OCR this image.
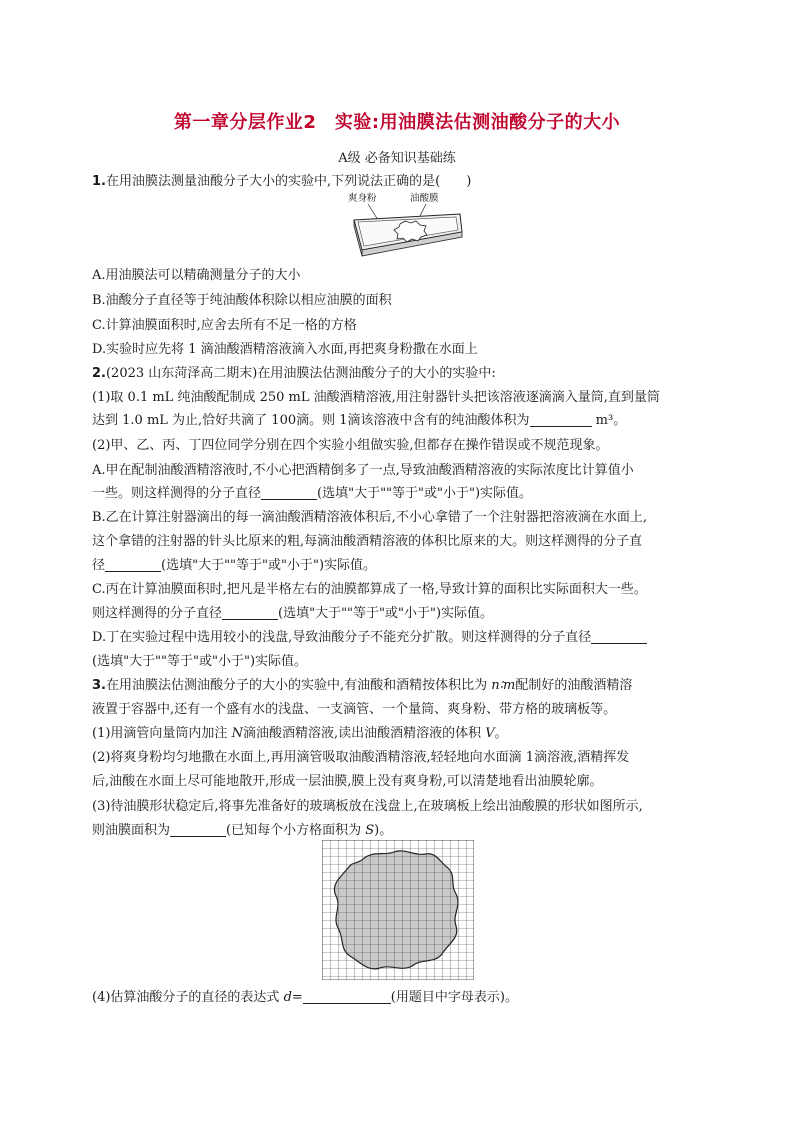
第一章分层作业2　实验:用油膜法估测油酸分子的大小
A级 必备知识基础练
1.在用油膜法测量油酸分子大小的实验中,下列说法正确的是(　　)
爽身粉	油酸膜
A.用油膜法可以精确测量分子的大小
B.油酸分子直径等于纯油酸体积除以相应油膜的面积
C.计算油膜面积时,应舍去所有不足一格的方格
D.实验时应先将 1 滴油酸酒精溶液滴入水面,再把爽身粉撒在水面上
2.(2023 山东菏泽高二期末)在用油膜法估测油酸分子的大小的实验中:
(1)取 0.1 mL 纯油酸配制成 250 mL 油酸酒精溶液,用注射器针头把该溶液逐滴滴入量筒,直到量筒
达到 1.0 mL 为止,恰好共滴了 100滴。则 1滴该溶液中含有的纯油酸体积为	m³。
(2)甲、乙、丙、丁四位同学分别在四个实验小组做实验,但都存在操作错误或不规范现象。
A.甲在配制油酸酒精溶液时,不小心把酒精倒多了一点,导致油酸酒精溶液的实际浓度比计算值小
一些。则这样测得的分子直径	(选填"大于""等于"或"小于")实际值。
B.乙在计算注射器滴出的每一滴油酸酒精溶液体积后,不小心拿错了一个注射器把溶液滴在水面上,
这个拿错的注射器的针头比原来的粗,每滴油酸酒精溶液的体积比原来的大。则这样测得的分子直
径	(选填"大于""等于"或"小于")实际值。
C.丙在计算油膜面积时,把凡是半格左右的油膜都算成了一格,导致计算的面积比实际面积大一些。
则这样测得的分子直径	(选填"大于""等于"或"小于")实际值。
D.丁在实验过程中选用较小的浅盘,导致油酸分子不能充分扩散。则这样测得的分子直径
(选填"大于""等于"或"小于")实际值。
3.在用油膜法估测油酸分子的大小的实验中,有油酸和酒精按体积比为 n∶m配制好的油酸酒精溶
液置于容器中,还有一个盛有水的浅盘、一支滴管、一个量筒、爽身粉、带方格的玻璃板等。
(1)用滴管向量筒内加注 N滴油酸酒精溶液,读出油酸酒精溶液的体积 V。
(2)将爽身粉均匀地撒在水面上,再用滴管吸取油酸酒精溶液,轻轻地向水面滴 1滴溶液,酒精挥发
后,油酸在水面上尽可能地散开,形成一层油膜,膜上没有爽身粉,可以清楚地看出油膜轮廓。
(3)待油膜形状稳定后,将事先准备好的玻璃板放在浅盘上,在玻璃板上绘出油酸膜的形状如图所示,
则油膜面积为	(已知每个小方格面积为 S)。
(4)估算油酸分子的直径的表达式 d=	(用题目中字母表示)。
